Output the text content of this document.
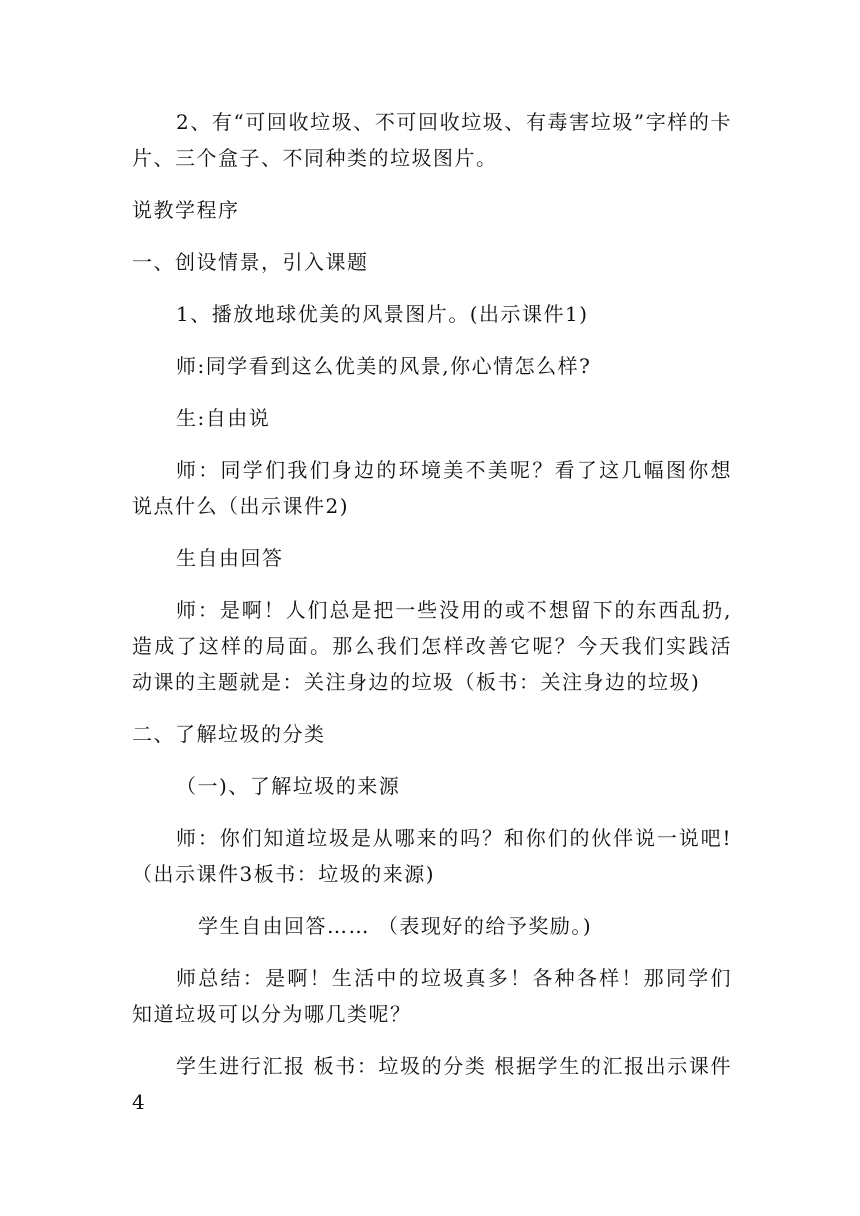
2、有“可回收垃圾、不可回收垃圾、有毒害垃圾”字样的卡片、三个盒子、不同种类的垃圾图片。

说教学程序

一、创设情景，引入课题

1、播放地球优美的风景图片。(出示课件1)

师:同学看到这么优美的风景,你心情怎么样?

生:自由说

师：同学们我们身边的环境美不美呢？看了这几幅图你想说点什么（出示课件2)

生自由回答

师：是啊！人们总是把一些没用的或不想留下的东西乱扔,造成了这样的局面。那么我们怎样改善它呢？今天我们实践活动课的主题就是：关注身边的垃圾（板书：关注身边的垃圾)

二、了解垃圾的分类

（一)、了解垃圾的来源

师：你们知道垃圾是从哪来的吗？和你们的伙伴说一说吧!（出示课件3板书：垃圾的来源)

学生自由回答…… （表现好的给予奖励。)

师总结：是啊！生活中的垃圾真多！各种各样！那同学们知道垃圾可以分为哪几类呢？

学生进行汇报 板书：垃圾的分类 根据学生的汇报出示课件4
